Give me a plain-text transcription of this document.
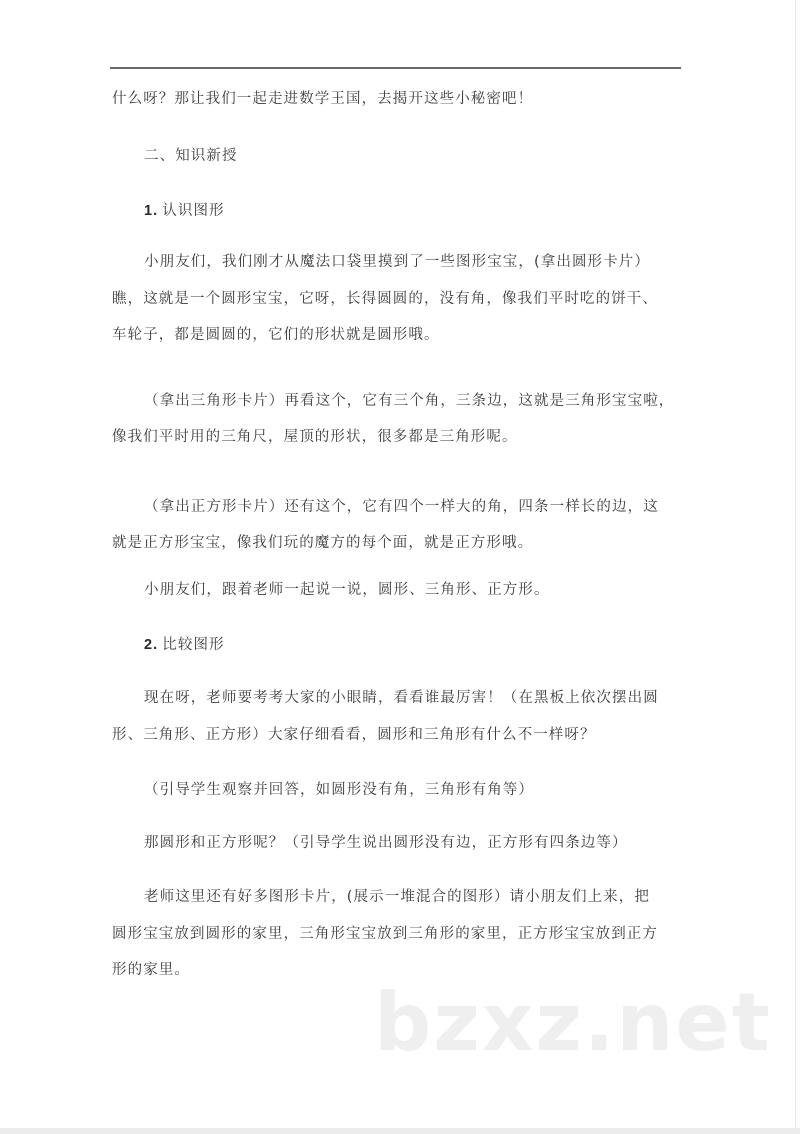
什么呀？那让我们一起走进数学王国，去揭开这些小秘密吧！
二、知识新授
1. 认识图形
小朋友们，我们刚才从魔法口袋里摸到了一些图形宝宝，(拿出圆形卡片）
瞧，这就是一个圆形宝宝，它呀，长得圆圆的，没有角，像我们平时吃的饼干、
车轮子，都是圆圆的，它们的形状就是圆形哦。
（拿出三角形卡片）再看这个，它有三个角，三条边，这就是三角形宝宝啦，
像我们平时用的三角尺，屋顶的形状，很多都是三角形呢。
（拿出正方形卡片）还有这个，它有四个一样大的角，四条一样长的边，这
就是正方形宝宝，像我们玩的魔方的每个面，就是正方形哦。
小朋友们，跟着老师一起说一说，圆形、三角形、正方形。
2. 比较图形
现在呀，老师要考考大家的小眼睛，看看谁最厉害！（在黑板上依次摆出圆
形、三角形、正方形）大家仔细看看，圆形和三角形有什么不一样呀？
（引导学生观察并回答，如圆形没有角，三角形有角等）
那圆形和正方形呢？（引导学生说出圆形没有边，正方形有四条边等）
老师这里还有好多图形卡片，(展示一堆混合的图形）请小朋友们上来，把
圆形宝宝放到圆形的家里，三角形宝宝放到三角形的家里，正方形宝宝放到正方
形的家里。
bzxz.net
